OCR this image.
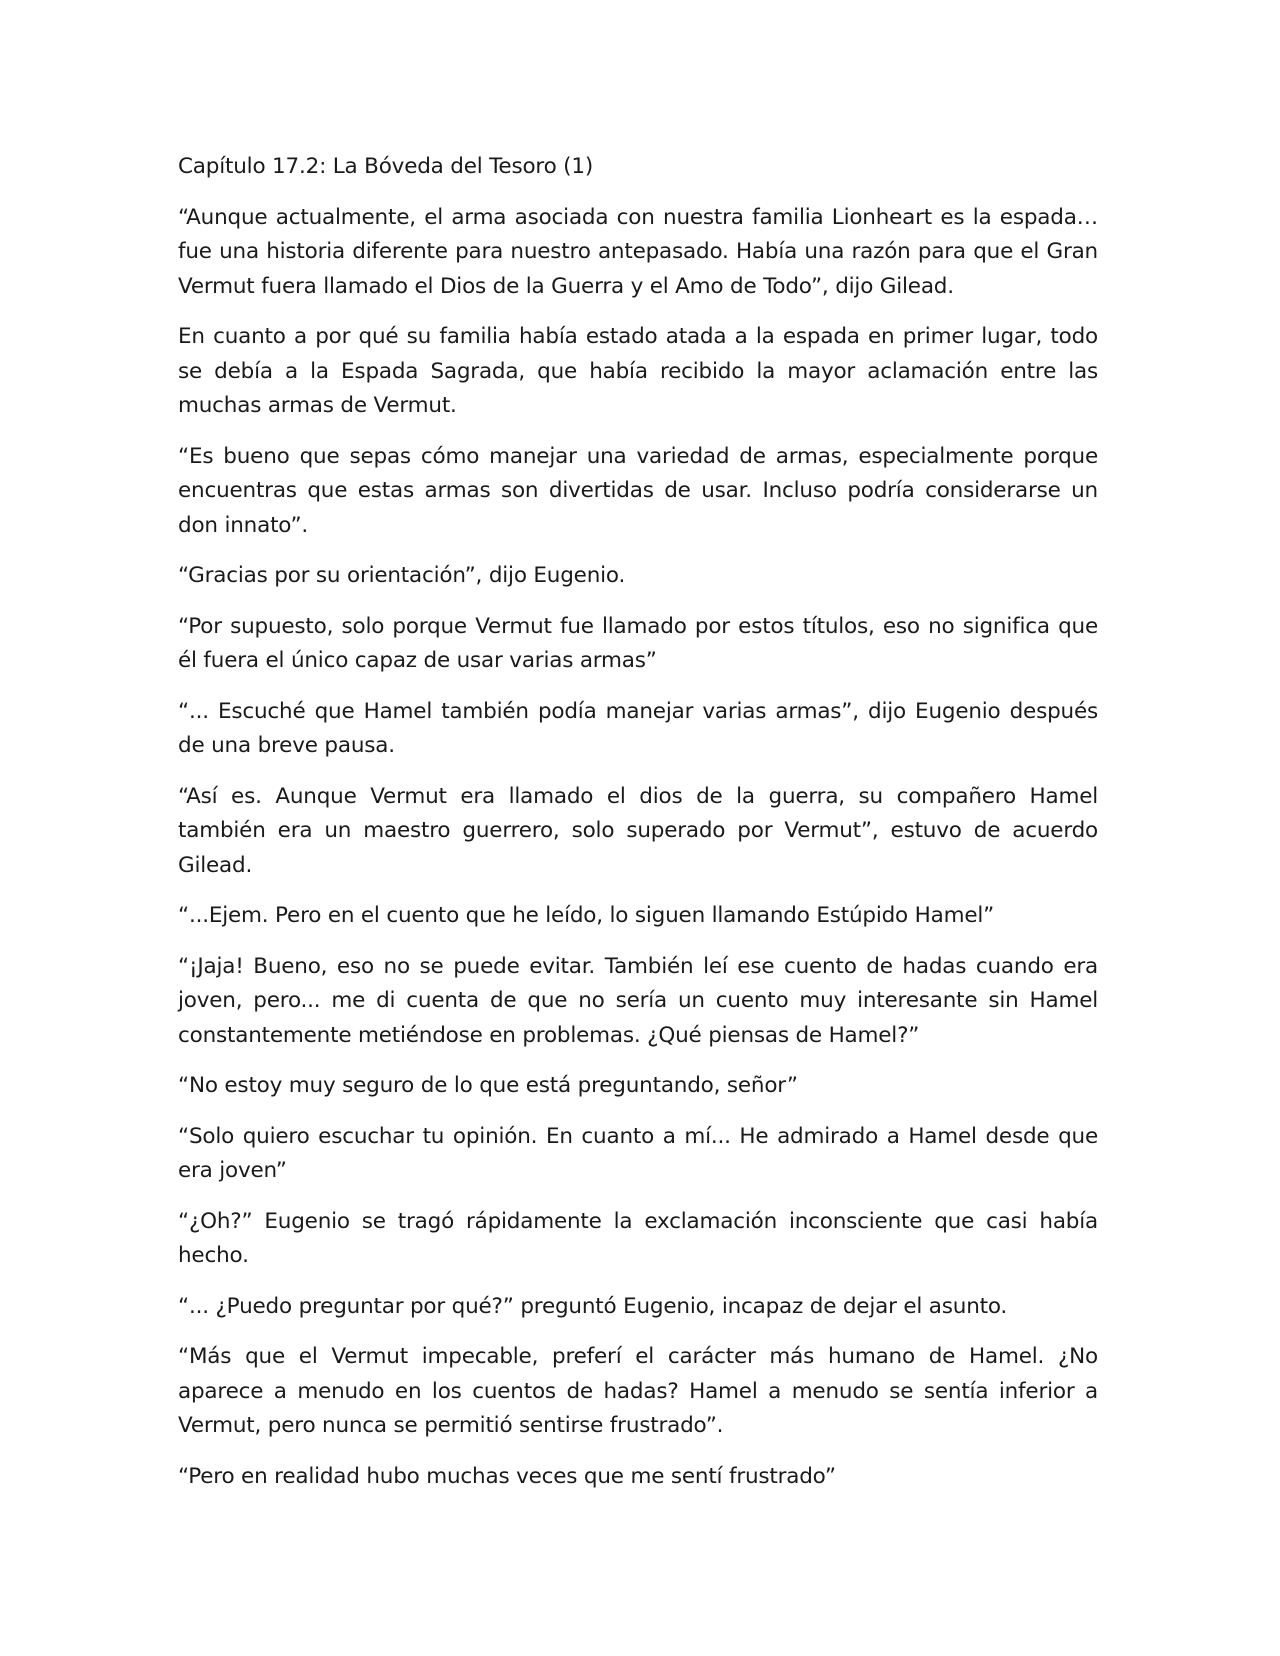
Capítulo 17.2: La Bóveda del Tesoro (1)

“Aunque actualmente, el arma asociada con nuestra familia Lionheart es la espada… fue una historia diferente para nuestro antepasado. Había una razón para que el Gran Vermut fuera llamado el Dios de la Guerra y el Amo de Todo”, dijo Gilead.

En cuanto a por qué su familia había estado atada a la espada en primer lugar, todo se debía a la Espada Sagrada, que había recibido la mayor aclamación entre las muchas armas de Vermut.

“Es bueno que sepas cómo manejar una variedad de armas, especialmente porque encuentras que estas armas son divertidas de usar. Incluso podría considerarse un don innato”.

“Gracias por su orientación”, dijo Eugenio.

“Por supuesto, solo porque Vermut fue llamado por estos títulos, eso no significa que él fuera el único capaz de usar varias armas”

“... Escuché que Hamel también podía manejar varias armas”, dijo Eugenio después de una breve pausa.

“Así es. Aunque Vermut era llamado el dios de la guerra, su compañero Hamel también era un maestro guerrero, solo superado por Vermut”, estuvo de acuerdo Gilead.

“...Ejem. Pero en el cuento que he leído, lo siguen llamando Estúpido Hamel”

“¡Jaja! Bueno, eso no se puede evitar. También leí ese cuento de hadas cuando era joven, pero... me di cuenta de que no sería un cuento muy interesante sin Hamel constantemente metiéndose en problemas. ¿Qué piensas de Hamel?”

“No estoy muy seguro de lo que está preguntando, señor”

“Solo quiero escuchar tu opinión. En cuanto a mí... He admirado a Hamel desde que era joven”

“¿Oh?” Eugenio se tragó rápidamente la exclamación inconsciente que casi había hecho.

“... ¿Puedo preguntar por qué?” preguntó Eugenio, incapaz de dejar el asunto.

“Más que el Vermut impecable, preferí el carácter más humano de Hamel. ¿No aparece a menudo en los cuentos de hadas? Hamel a menudo se sentía inferior a Vermut, pero nunca se permitió sentirse frustrado”.

“Pero en realidad hubo muchas veces que me sentí frustrado”
